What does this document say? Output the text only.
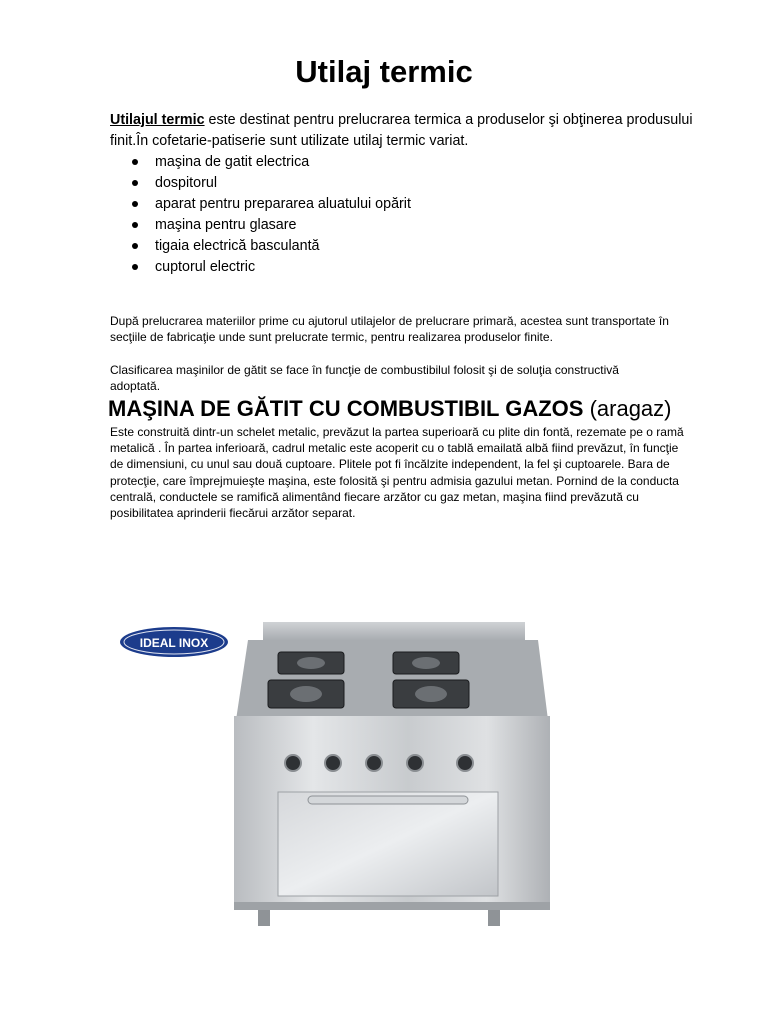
Utilaj termic
Utilajul termic este destinat pentru prelucrarea termica a produselor şi obţinerea produsului finit.În cofetarie-patiserie sunt utilizate utilaj termic variat.
maşina de gatit electrica
dospitorul
aparat pentru prepararea aluatului opărit
maşina pentru glasare
tigaia electrică basculantă
cuptorul electric

După prelucrarea materiilor prime cu ajutorul utilajelor de prelucrare primară, acestea sunt transportate în secţiile de fabricaţie unde sunt prelucrate termic, pentru realizarea produselor finite.

Clasificarea maşinilor de gătit se face în funcţie de combustibilul folosit şi de soluţia constructivă adoptată.

MAŞINA DE GĂTIT CU COMBUSTIBIL GAZOS (aragaz)

Este construită dintr-un schelet metalic, prevăzut la partea superioară cu plite din fontă, rezemate pe o ramă metalică . În partea inferioară, cadrul metalic este acoperit cu o tablă emailată albă fiind prevăzut, în funcţie de dimensiuni, cu unul sau două cuptoare. Plitele pot fi încălzite independent, la fel şi cuptoarele. Bara de protecţie, care împrejmuieşte maşina, este folosită şi pentru admisia gazului metan. Pornind de la conducta centrală, conductele se ramifică alimentând fiecare arzător cu gaz metan, maşina fiind prevăzută cu posibilitatea aprinderii fiecărui arzător separat.

IDEAL INOX
